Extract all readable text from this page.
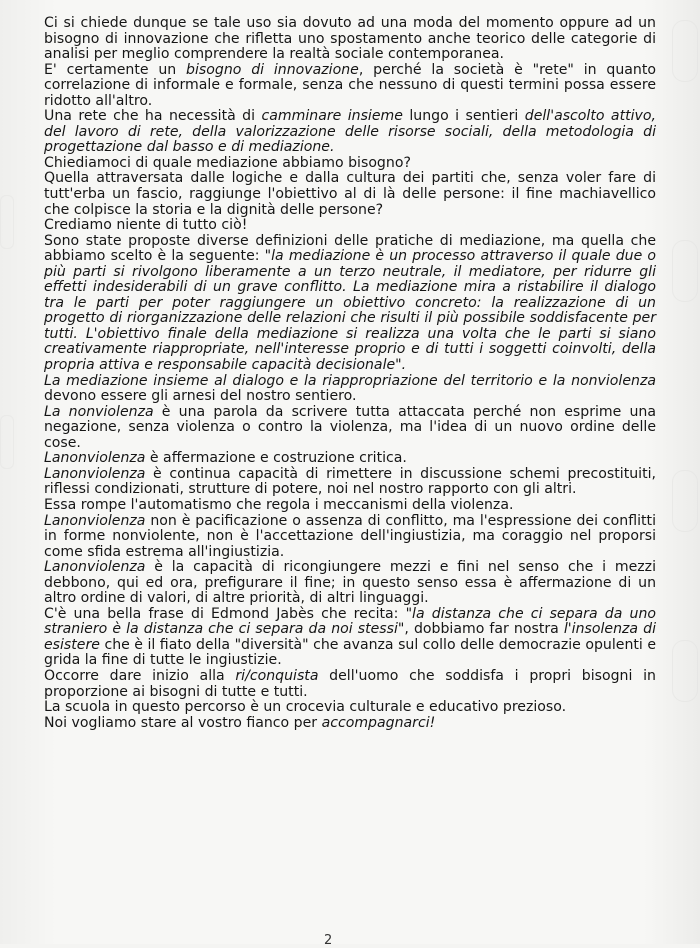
Ci si chiede dunque se tale uso sia dovuto ad una moda del momento oppure ad un bisogno di innovazione che rifletta uno spostamento anche teorico delle categorie di analisi per meglio comprendere la realtà sociale contemporanea.

E' certamente un bisogno di innovazione, perché la società è "rete" in quanto correlazione di informale e formale, senza che nessuno di questi termini possa essere ridotto all'altro.

Una rete che ha necessità di camminare insieme lungo i sentieri dell'ascolto attivo, del lavoro di rete, della valorizzazione delle risorse sociali, della metodologia di progettazione dal basso e di mediazione.

Chiediamoci di quale mediazione abbiamo bisogno?

Quella attraversata dalle logiche e dalla cultura dei partiti che, senza voler fare di tutt'erba un fascio, raggiunge l'obiettivo al di là delle persone: il fine machiavellico che colpisce la storia e la dignità delle persone?

Crediamo niente di tutto ciò!

Sono state proposte diverse definizioni delle pratiche di mediazione, ma quella che abbiamo scelto è la seguente: "la mediazione è un processo attraverso il quale due o più parti si rivolgono liberamente a un terzo neutrale, il mediatore, per ridurre gli effetti indesiderabili di un grave conflitto. La mediazione mira a ristabilire il dialogo tra le parti per poter raggiungere un obiettivo concreto: la realizzazione di un progetto di riorganizzazione delle relazioni che risulti il più possibile soddisfacente per tutti. L'obiettivo finale della mediazione si realizza una volta che le parti si siano creativamente riappropriate, nell'interesse proprio e di tutti i soggetti coinvolti, della propria attiva e responsabile capacità decisionale".

La mediazione insieme al dialogo e la riappropriazione del territorio e la nonviolenza devono essere gli arnesi del nostro sentiero.

La nonviolenza è una parola da scrivere tutta attaccata perché non esprime una negazione, senza violenza o contro la violenza, ma l'idea di un nuovo ordine delle cose.

Lanonviolenza è affermazione e costruzione critica.

Lanonviolenza è continua capacità di rimettere in discussione schemi precostituiti, riflessi condizionati, strutture di potere, noi nel nostro rapporto con gli altri.

Essa rompe l'automatismo che regola i meccanismi della violenza.

Lanonviolenza non è pacificazione o assenza di conflitto, ma l'espressione dei conflitti in forme nonviolente, non è l'accettazione dell'ingiustizia, ma coraggio nel proporsi come sfida estrema all'ingiustizia.

Lanonviolenza è la capacità di ricongiungere mezzi e fini nel senso che i mezzi debbono, qui ed ora, prefigurare il fine; in questo senso essa è affermazione di un altro ordine di valori, di altre priorità, di altri linguaggi.

C'è una bella frase di Edmond Jabès che recita: "la distanza che ci separa da uno straniero è la distanza che ci separa da noi stessi", dobbiamo far nostra l'insolenza di esistere che è il fiato della "diversità" che avanza sul collo delle democrazie opulenti e grida la fine di tutte le ingiustizie.

Occorre dare inizio alla ri/conquista dell'uomo che soddisfa i propri bisogni in proporzione ai bisogni di tutte e tutti.

La scuola in questo percorso è un crocevia culturale e educativo prezioso.

Noi vogliamo stare al vostro fianco per accompagnarci!

2
